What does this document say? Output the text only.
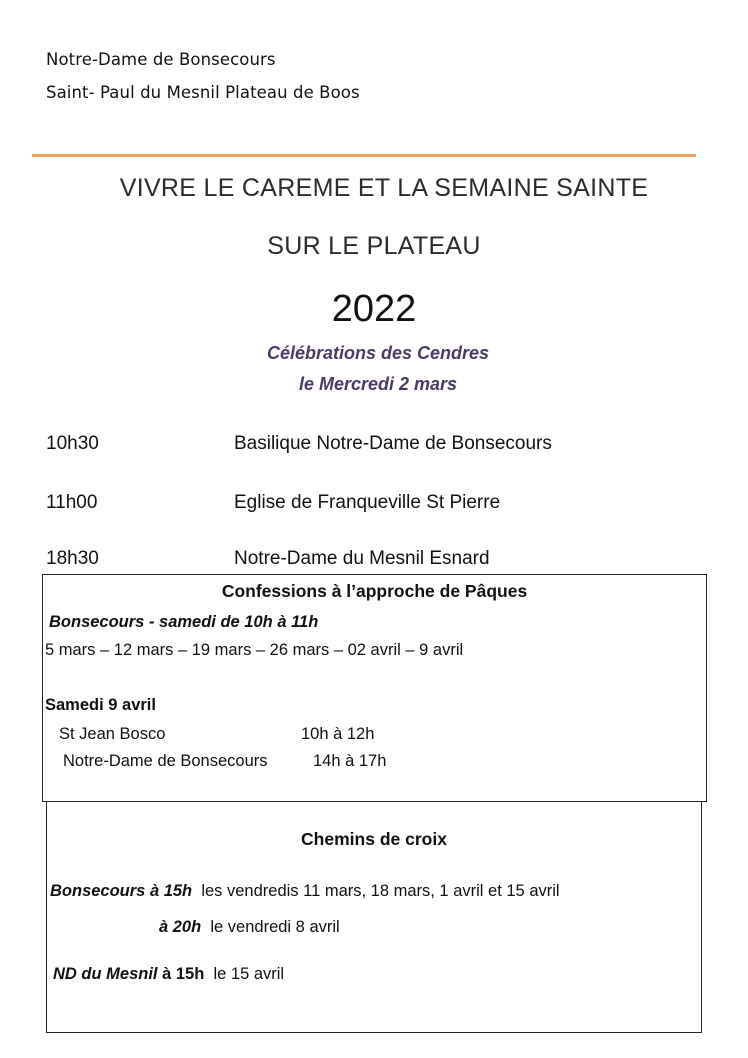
Notre-Dame de Bonsecours
Saint- Paul du Mesnil Plateau de Boos
VIVRE LE CAREME ET LA SEMAINE SAINTE
SUR LE PLATEAU
2022
Célébrations des Cendres
le Mercredi 2 mars
10h30	Basilique Notre-Dame de Bonsecours
11h00	Eglise de Franqueville St Pierre
18h30	Notre-Dame du Mesnil Esnard
Confessions à l’approche de Pâques
Bonsecours - samedi de 10h à 11h
5 mars – 12 mars – 19 mars – 26 mars – 02 avril – 9 avril
Samedi 9 avril
St Jean Bosco	10h à 12h
Notre-Dame de Bonsecours	14h à 17h
Chemins de croix
Bonsecours à 15h les vendredis 11 mars, 18 mars, 1 avril et 15 avril
à 20h le vendredi 8 avril
ND du Mesnil à 15h le 15 avril
